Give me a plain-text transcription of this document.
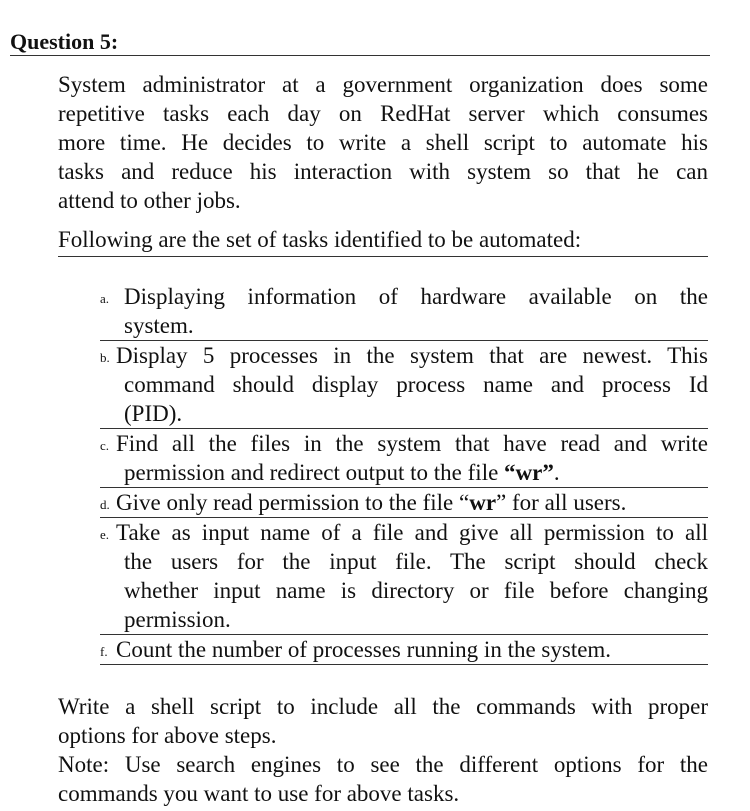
Question 5:
System administrator at a government organization does some
repetitive tasks each day on RedHat server which consumes
more time. He decides to write a shell script to automate his
tasks and reduce his interaction with system so that he can
attend to other jobs.
Following are the set of tasks identified to be automated:
a. Displaying information of hardware available on the
system.
b. Display 5 processes in the system that are newest. This
command should display process name and process Id
(PID).
c. Find all the files in the system that have read and write
permission and redirect output to the file “wr”.
d. Give only read permission to the file “wr” for all users.
e. Take as input name of a file and give all permission to all
the users for the input file. The script should check
whether input name is directory or file before changing
permission.
f. Count the number of processes running in the system.
Write a shell script to include all the commands with proper
options for above steps.
Note: Use search engines to see the different options for the
commands you want to use for above tasks.
